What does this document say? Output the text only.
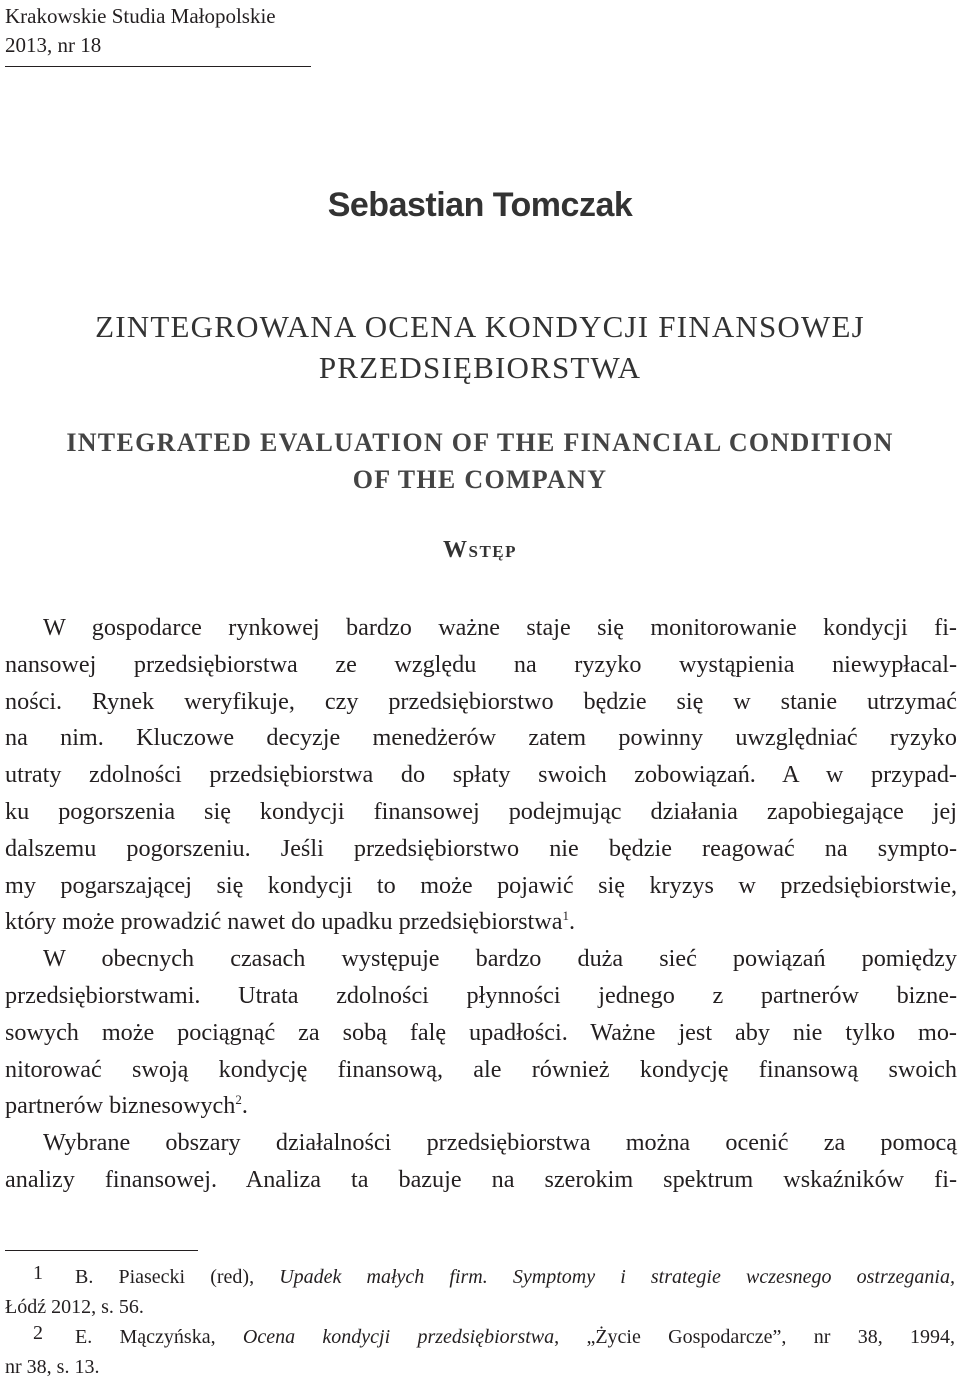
Krakowskie Studia Małopolskie
2013, nr 18
Sebastian Tomczak
ZINTEGROWANA OCENA KONDYCJI FINANSOWEJ
PRZEDSIĘBIORSTWA
INTEGRATED EVALUATION OF THE FINANCIAL CONDITION
OF THE COMPANY
Wstęp

W gospodarce rynkowej bardzo ważne staje się monitorowanie kondycji fi-
nansowej przedsiębiorstwa ze względu na ryzyko wystąpienia niewypłacal-
ności. Rynek weryfikuje, czy przedsiębiorstwo będzie się w stanie utrzymać
na nim. Kluczowe decyzje menedżerów zatem powinny uwzględniać ryzyko
utraty zdolności przedsiębiorstwa do spłaty swoich zobowiązań. A w przypad-
ku pogorszenia się kondycji finansowej podejmując działania zapobiegające jej
dalszemu pogorszeniu. Jeśli przedsiębiorstwo nie będzie reagować na sympto-
my pogarszającej się kondycji to może pojawić się kryzys w przedsiębiorstwie,
który może prowadzić nawet do upadku przedsiębiorstwa$^1$.

W obecnych czasach występuje bardzo duża sieć powiązań pomiędzy
przedsiębiorstwami. Utrata zdolności płynności jednego z partnerów bizne-
sowych może pociągnąć za sobą falę upadłości. Ważne jest aby nie tylko mo-
nitorować swoją kondycję finansową, ale również kondycję finansową swoich
partnerów biznesowych$^2$.

Wybrane obszary działalności przedsiębiorstwa można ocenić za pomocą
analizy finansowej. Analiza ta bazuje na szerokim spektrum wskaźników fi-

1 B. Piasecki (red), Upadek małych firm. Symptomy i strategie wczesnego ostrzegania,
Łódź 2012, s. 56.
2 E. Mączyńska, Ocena kondycji przedsiębiorstwa, „Życie Gospodarcze”, nr 38, 1994,
nr 38, s. 13.
